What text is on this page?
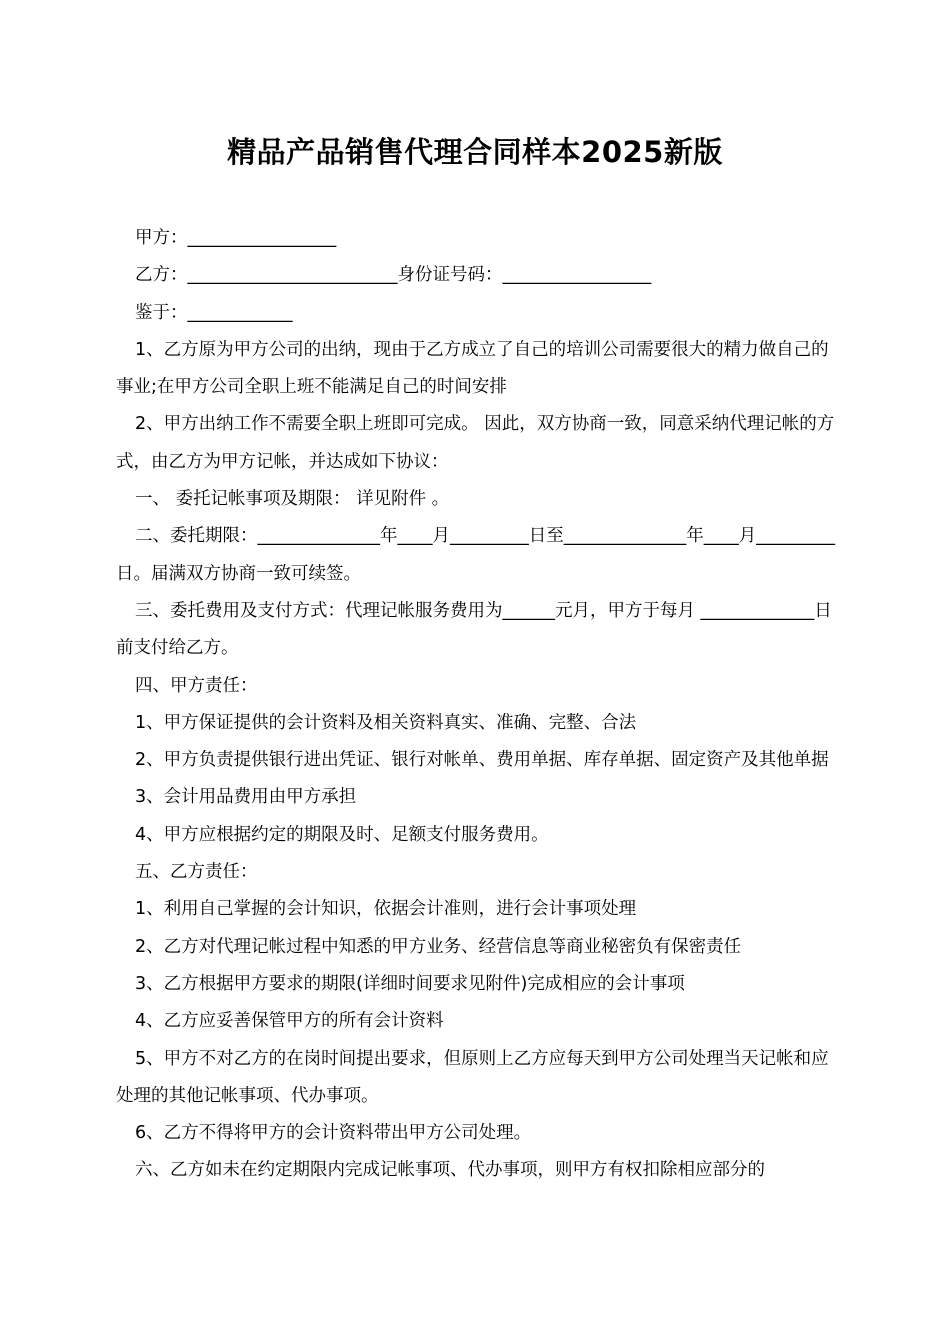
精品产品销售代理合同样本2025新版

甲方：_________________

乙方：________________________身份证号码：_________________

鉴于：____________

1、乙方原为甲方公司的出纳，现由于乙方成立了自己的培训公司需要很大的精力做自己的事业;在甲方公司全职上班不能满足自己的时间安排

2、甲方出纳工作不需要全职上班即可完成。 因此，双方协商一致，同意采纳代理记帐的方式，由乙方为甲方记帐，并达成如下协议：

一、 委托记帐事项及期限： 详见附件 。

二、委托期限：______________年____月_________日至______________年____月_________日。届满双方协商一致可续签。

三、委托费用及支付方式：代理记帐服务费用为______元月，甲方于每月 _____________日前支付给乙方。

四、甲方责任：

1、甲方保证提供的会计资料及相关资料真实、准确、完整、合法

2、甲方负责提供银行进出凭证、银行对帐单、费用单据、库存单据、固定资产及其他单据

3、会计用品费用由甲方承担

4、甲方应根据约定的期限及时、足额支付服务费用。

五、乙方责任：

1、利用自己掌握的会计知识，依据会计准则，进行会计事项处理

2、乙方对代理记帐过程中知悉的甲方业务、经营信息等商业秘密负有保密责任

3、乙方根据甲方要求的期限(详细时间要求见附件)完成相应的会计事项

4、乙方应妥善保管甲方的所有会计资料

5、甲方不对乙方的在岗时间提出要求，但原则上乙方应每天到甲方公司处理当天记帐和应处理的其他记帐事项、代办事项。

6、乙方不得将甲方的会计资料带出甲方公司处理。

六、乙方如未在约定期限内完成记帐事项、代办事项，则甲方有权扣除相应部分的
